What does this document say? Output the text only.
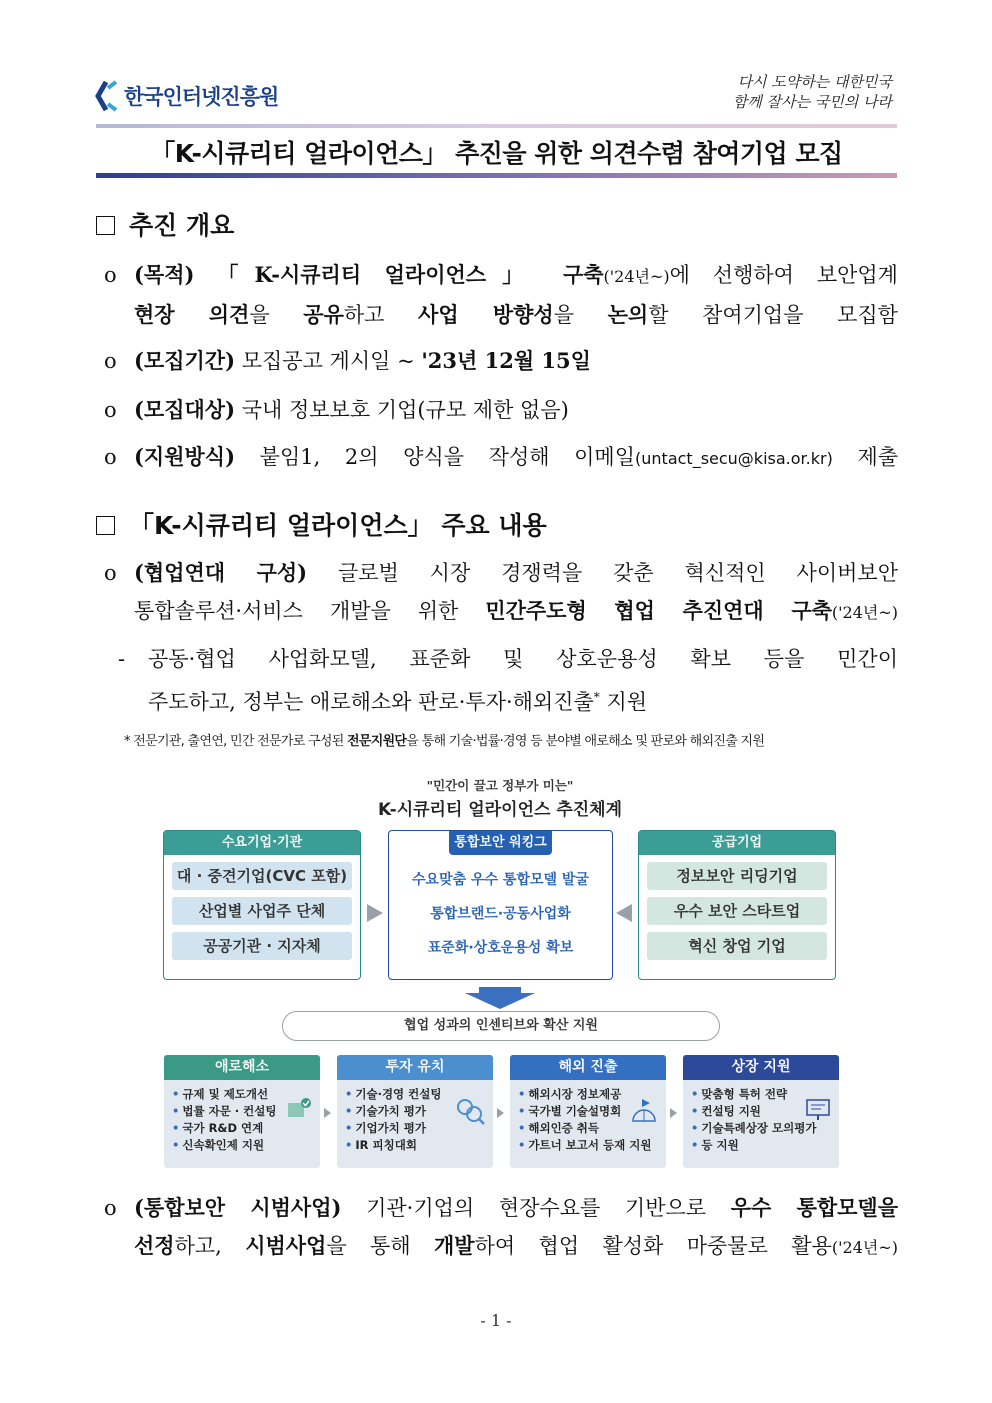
한국인터넷진흥원
다시 도약하는 대한민국 함께 잘사는 국민의 나라
「K-시큐리티 얼라이언스」 추진을 위한 의견수렴 참여기업 모집
추진 개요
o (목적) 「K-시큐리티 얼라이언스」 구축('24년~)에 선행하여 보안업계
현장 의견을 공유하고 사업 방향성을 논의할 참여기업을 모집함
o (모집기간) 모집공고 게시일 ~ '23년 12월 15일
o (모집대상) 국내 정보보호 기업(규모 제한 없음)
o (지원방식) 붙임1, 2의 양식을 작성해 이메일(untact_secu@kisa.or.kr) 제출
「K-시큐리티 얼라이언스」 주요 내용
o (협업연대 구성) 글로벌 시장 경쟁력을 갖춘 혁신적인 사이버보안
통합솔루션·서비스 개발을 위한 민간주도형 협업 추진연대 구축('24년~)
- 공동·협업 사업화모델, 표준화 및 상호운용성 확보 등을 민간이
주도하고, 정부는 애로해소와 판로·투자·해외진출* 지원
* 전문기관, 출연연, 민간 전문가로 구성된 전문지원단을 통해 기술·법률·경영 등 분야별 애로해소 및 판로와 해외진출 지원
"민간이 끌고 정부가 미는"
K-시큐리티 얼라이언스 추진체계
수요기업·기관
대 · 중견기업(CVC 포함)
산업별 사업주 단체
공공기관 · 지자체
통합보안 워킹그룹
수요맞춤 우수 통합모델 발굴
통합브랜드·공동사업화
표준화·상호운용성 확보
공급기업
정보보안 리딩기업
우수 보안 스타트업
혁신 창업 기업
협업 성과의 인센티브와 확산 지원
애로해소
• 규제 및 제도개선
• 법률 자문 · 컨설팅
• 국가 R&D 연계
• 신속확인제 지원
투자 유치
• 기술·경영 컨설팅
• 기술가치 평가
• 기업가치 평가
• IR 피칭대회
해외 진출
• 해외시장 정보제공
• 국가별 기술설명회
• 해외인증 취득
• 가트너 보고서 등재 지원
상장 지원
• 맞춤형 특허 전략
• 컨설팅 지원
• 기술특례상장 모의평가
• 등 지원
o (통합보안 시범사업) 기관·기업의 현장수요를 기반으로 우수 통합모델을
선정하고, 시범사업을 통해 개발하여 협업 활성화 마중물로 활용('24년~)
- 1 -
